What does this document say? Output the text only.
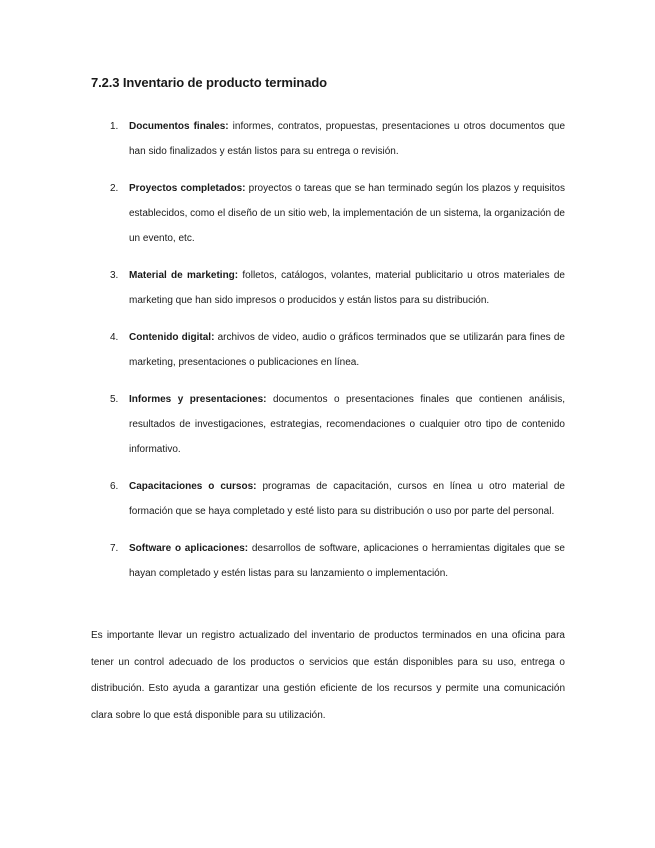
7.2.3 Inventario de producto terminado
1. Documentos finales: informes, contratos, propuestas, presentaciones u otros documentos que han sido finalizados y están listos para su entrega o revisión.
2. Proyectos completados: proyectos o tareas que se han terminado según los plazos y requisitos establecidos, como el diseño de un sitio web, la implementación de un sistema, la organización de un evento, etc.
3. Material de marketing: folletos, catálogos, volantes, material publicitario u otros materiales de marketing que han sido impresos o producidos y están listos para su distribución.
4. Contenido digital: archivos de video, audio o gráficos terminados que se utilizarán para fines de marketing, presentaciones o publicaciones en línea.
5. Informes y presentaciones: documentos o presentaciones finales que contienen análisis, resultados de investigaciones, estrategias, recomendaciones o cualquier otro tipo de contenido informativo.
6. Capacitaciones o cursos: programas de capacitación, cursos en línea u otro material de formación que se haya completado y esté listo para su distribución o uso por parte del personal.
7. Software o aplicaciones: desarrollos de software, aplicaciones o herramientas digitales que se hayan completado y estén listas para su lanzamiento o implementación.

Es importante llevar un registro actualizado del inventario de productos terminados en una oficina para tener un control adecuado de los productos o servicios que están disponibles para su uso, entrega o distribución. Esto ayuda a garantizar una gestión eficiente de los recursos y permite una comunicación clara sobre lo que está disponible para su utilización.
